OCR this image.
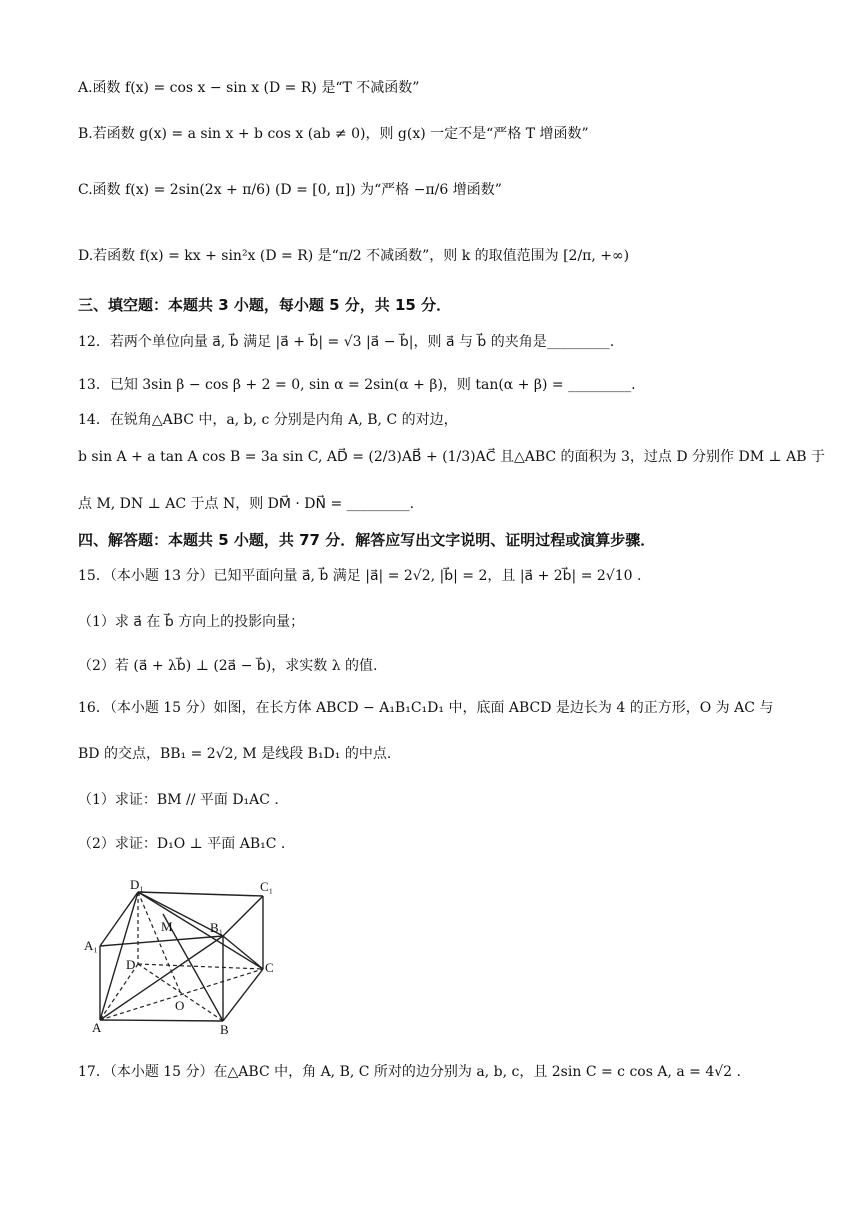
A.函数 f(x) = cos x − sin x (D = R) 是“T 不减函数”
B.若函数 g(x) = a sin x + b cos x (ab ≠ 0)，则 g(x) 一定不是“严格 T 增函数”
C.函数 f(x) = 2sin(2x + π/6) (D = [0, π]) 为“严格 −π/6 增函数”
D.若函数 f(x) = kx + sin²x (D = R) 是“π/2 不减函数”，则 k 的取值范围为 [2/π, +∞)
三、填空题：本题共 3 小题，每小题 5 分，共 15 分．
12．若两个单位向量 a⃗, b⃗ 满足 |a⃗ + b⃗| = √3 |a⃗ − b⃗|，则 a⃗ 与 b⃗ 的夹角是_________.
13．已知 3sin β − cos β + 2 = 0, sin α = 2sin(α + β)，则 tan(α + β) = _________.
14．在锐角△ABC 中，a, b, c 分别是内角 A, B, C 的对边，
b sin A + a tan A cos B = 3a sin C, AD⃗ = (2/3)AB⃗ + (1/3)AC⃗ 且△ABC 的面积为 3，过点 D 分别作 DM ⊥ AB 于
点 M, DN ⊥ AC 于点 N，则 DM⃗ · DN⃗ = _________.
四、解答题：本题共 5 小题，共 77 分．解答应写出文字说明、证明过程或演算步骤．
15．（本小题 13 分）已知平面向量 a⃗, b⃗ 满足 |a⃗| = 2√2, |b⃗| = 2，且 |a⃗ + 2b⃗| = 2√10 .
（1）求 a⃗ 在 b⃗ 方向上的投影向量；
（2）若 (a⃗ + λb⃗) ⊥ (2a⃗ − b⃗)，求实数 λ 的值.
16．（本小题 15 分）如图，在长方体 ABCD − A₁B₁C₁D₁ 中，底面 ABCD 是边长为 4 的正方形，O 为 AC 与
BD 的交点，BB₁ = 2√2, M 是线段 B₁D₁ 的中点.
（1）求证：BM // 平面 D₁AC .
（2）求证：D₁O ⊥ 平面 AB₁C .
D₁	C₁
A₁
B₁
M
D	C
O
A	B
17．（本小题 15 分）在△ABC 中，角 A, B, C 所对的边分别为 a, b, c，且 2sin C = c cos A, a = 4√2 .
